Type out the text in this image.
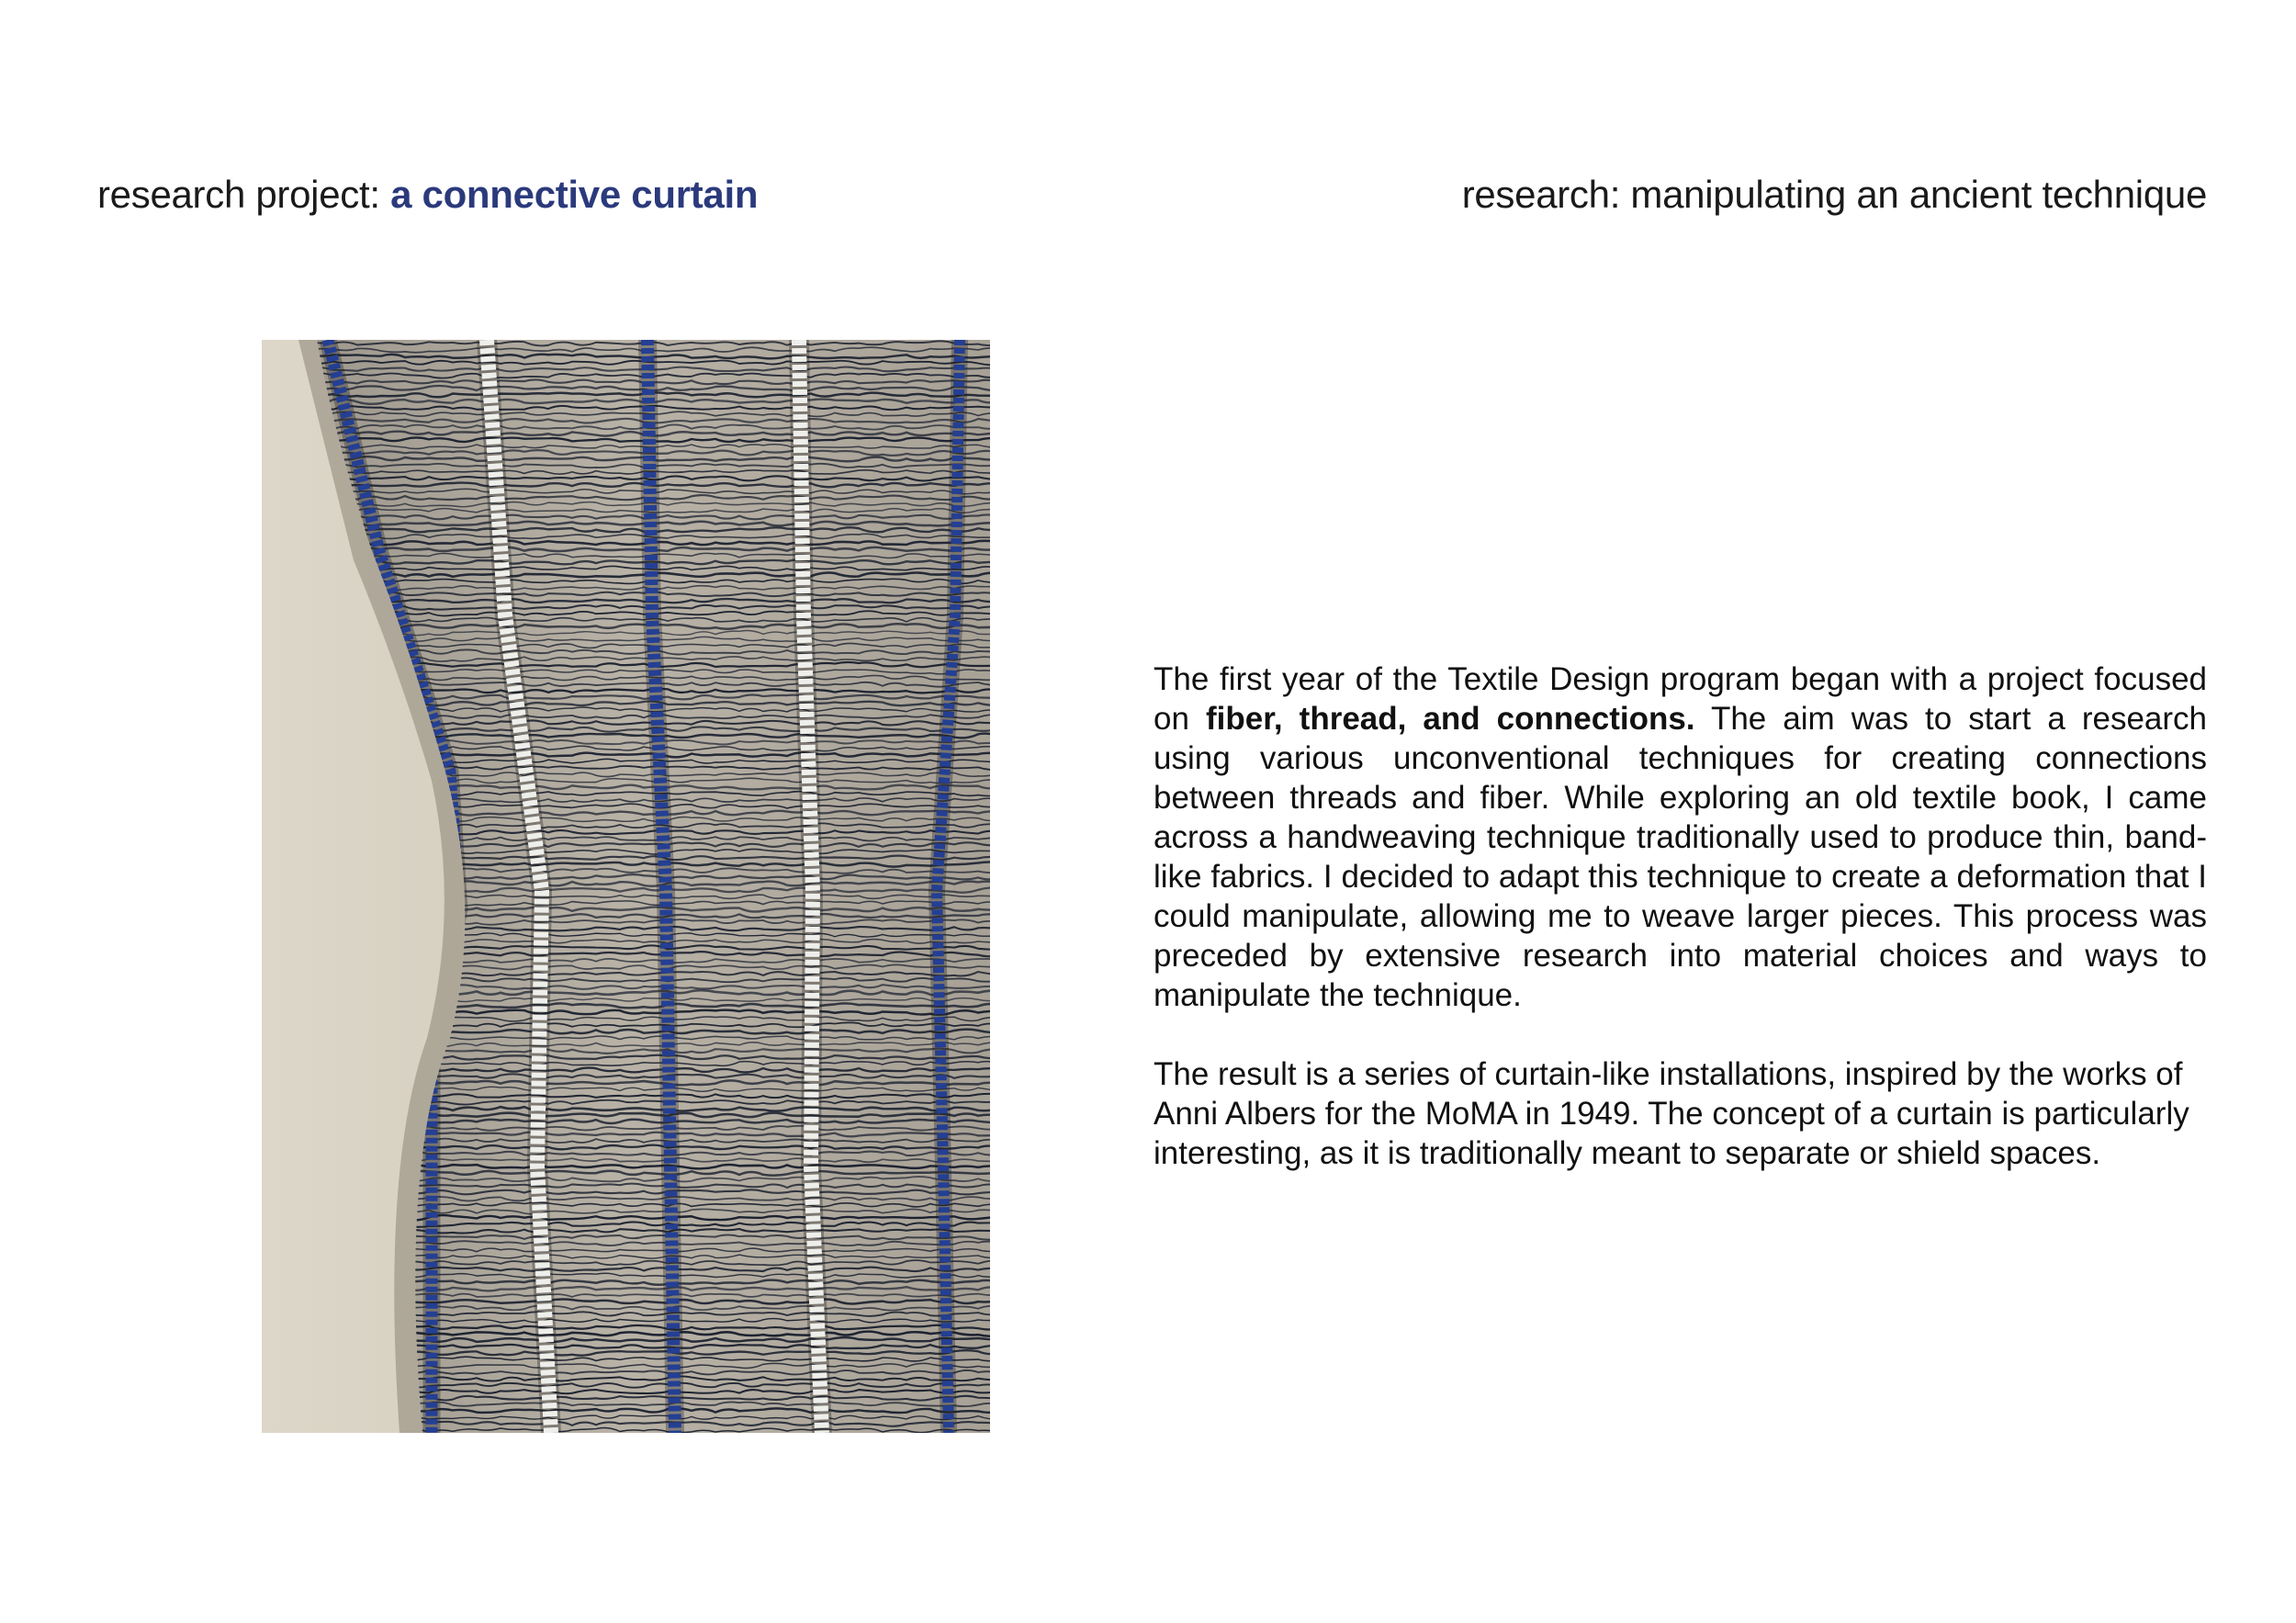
research project: a connective curtain	research: manipulating an ancient technique

The first year of the Textile Design program began with a project focused on fiber, thread, and connections. The aim was to start a research using various unconventional techniques for creating connections between threads and fiber. While exploring an old textile book, I came across a handweaving technique traditionally used to produce thin, band-like fabrics. I decided to adapt this technique to create a deformation that I could manipulate, allowing me to weave larger pieces. This process was preceded by extensive research into material choices and ways to manipulate the technique.

The result is a series of curtain-like installations, inspired by the works of Anni Albers for the MoMA in 1949. The concept of a curtain is particularly interesting, as it is traditionally meant to separate or shield spaces.
